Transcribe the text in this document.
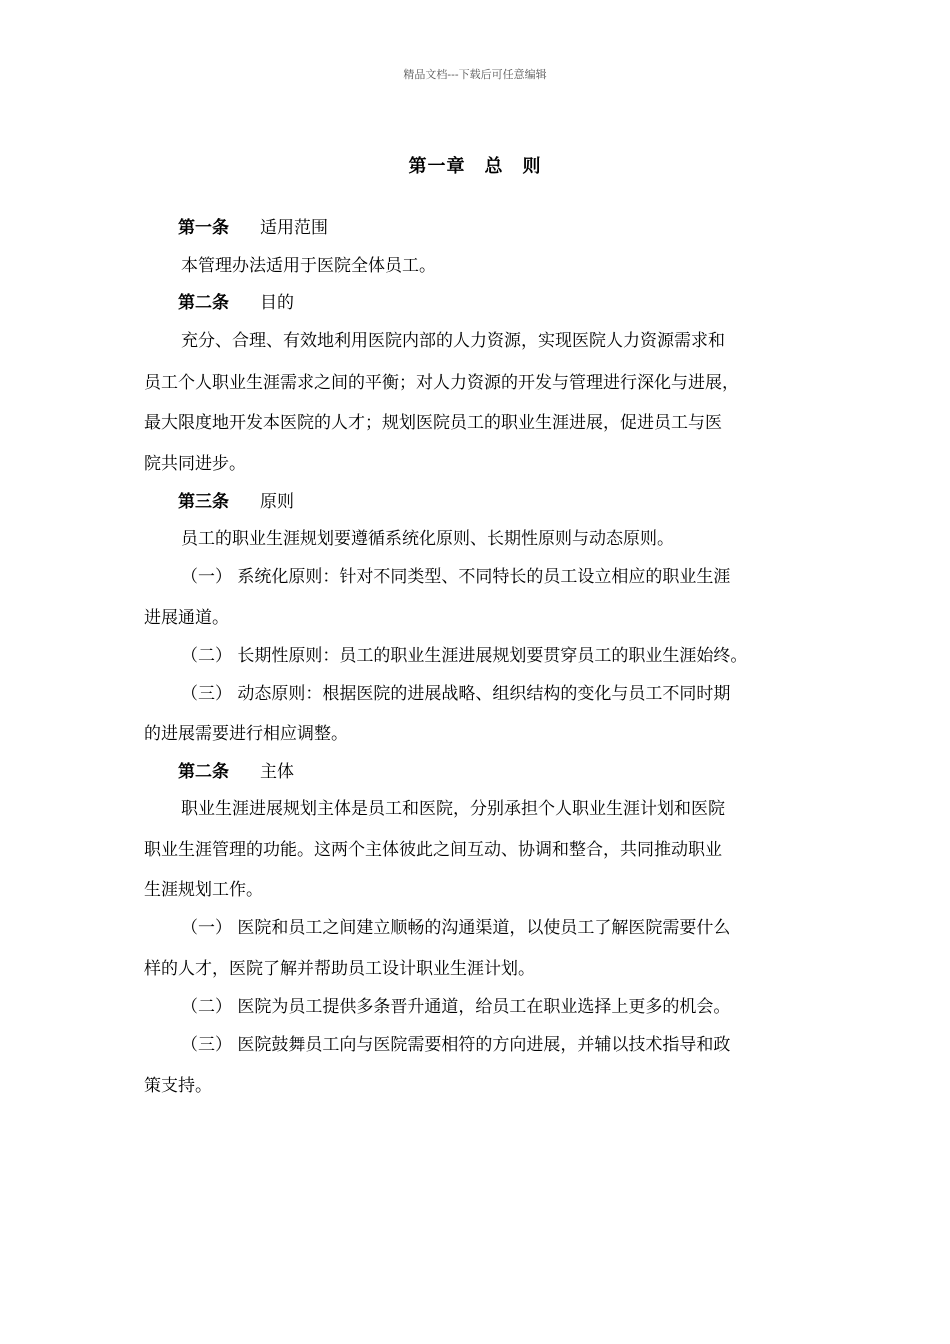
精品文档---下载后可任意编辑
第一章　总　则
第一条	适用范围
本管理办法适用于医院全体员工。
第二条	目的
充分、合理、有效地利用医院内部的人力资源，实现医院人力资源需求和
员工个人职业生涯需求之间的平衡；对人力资源的开发与管理进行深化与进展，
最大限度地开发本医院的人才；规划医院员工的职业生涯进展，促进员工与医
院共同进步。
第三条	原则
员工的职业生涯规划要遵循系统化原则、长期性原则与动态原则。
（一） 系统化原则：针对不同类型、不同特长的员工设立相应的职业生涯
进展通道。
（二） 长期性原则：员工的职业生涯进展规划要贯穿员工的职业生涯始终。
（三） 动态原则：根据医院的进展战略、组织结构的变化与员工不同时期
的进展需要进行相应调整。
第二条	主体
职业生涯进展规划主体是员工和医院，分别承担个人职业生涯计划和医院
职业生涯管理的功能。这两个主体彼此之间互动、协调和整合，共同推动职业
生涯规划工作。
（一） 医院和员工之间建立顺畅的沟通渠道，以使员工了解医院需要什么
样的人才，医院了解并帮助员工设计职业生涯计划。
（二） 医院为员工提供多条晋升通道，给员工在职业选择上更多的机会。
（三） 医院鼓舞员工向与医院需要相符的方向进展，并辅以技术指导和政
策支持。
